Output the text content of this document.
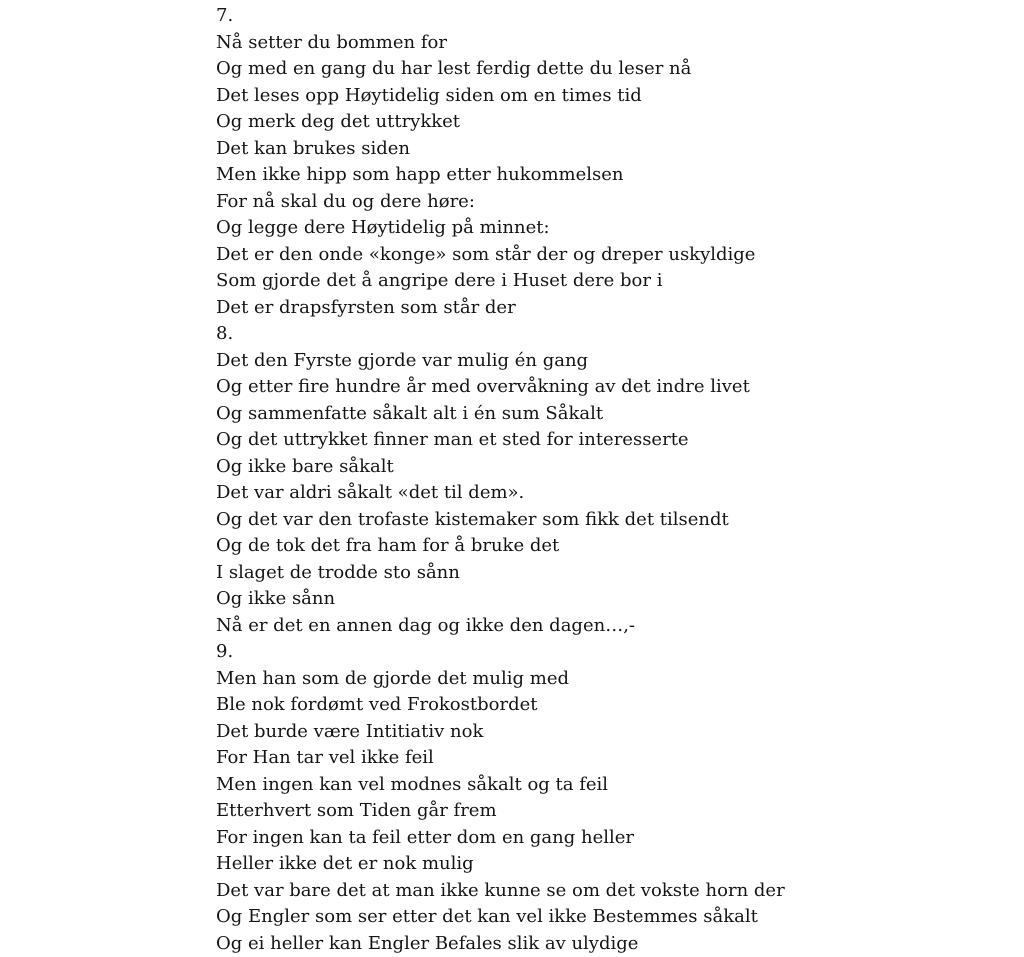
7.
Nå setter du bommen for
Og med en gang du har lest ferdig dette du leser nå
Det leses opp Høytidelig siden om en times tid
Og merk deg det uttrykket
Det kan brukes siden
Men ikke hipp som happ etter hukommelsen
For nå skal du og dere høre:
Og legge dere Høytidelig på minnet:
Det er den onde «konge» som står der og dreper uskyldige
Som gjorde det å angripe dere i Huset dere bor i
Det er drapsfyrsten som står der
8.
Det den Fyrste gjorde var mulig én gang
Og etter fire hundre år med overvåkning av det indre livet
Og sammenfatte såkalt alt i én sum Såkalt
Og det uttrykket finner man et sted for interesserte
Og ikke bare såkalt
Det var aldri såkalt «det til dem».
Og det var den trofaste kistemaker som fikk det tilsendt
Og de tok det fra ham for å bruke det
I slaget de trodde sto sånn
Og ikke sånn
Nå er det en annen dag og ikke den dagen…,-
9.
Men han som de gjorde det mulig med
Ble nok fordømt ved Frokostbordet
Det burde være Intitiativ nok
For Han tar vel ikke feil
Men ingen kan vel modnes såkalt og ta feil
Etterhvert som Tiden går frem
For ingen kan ta feil etter dom en gang heller
Heller ikke det er nok mulig
Det var bare det at man ikke kunne se om det vokste horn der
Og Engler som ser etter det kan vel ikke Bestemmes såkalt
Og ei heller kan Engler Befales slik av ulydige
